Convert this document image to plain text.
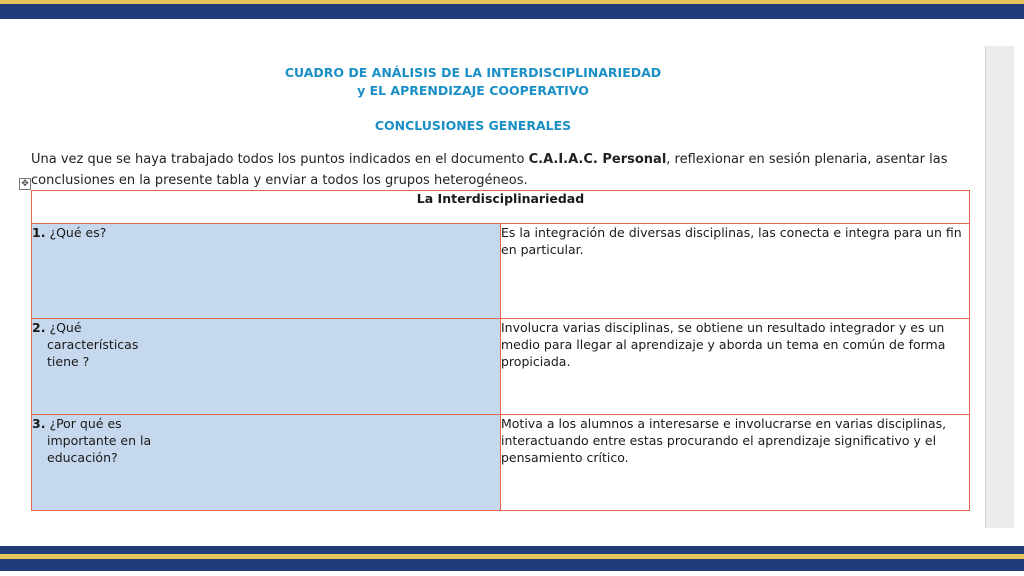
CUADRO DE ANÁLISIS DE LA INTERDISCIPLINARIEDAD
y EL APRENDIZAJE COOPERATIVO
CONCLUSIONES GENERALES
Una vez que se haya trabajado todos los puntos indicados en el documento C.A.I.A.C. Personal, reflexionar en sesión plenaria, asentar las conclusiones en la presente tabla y enviar a todos los grupos heterogéneos.
✥
La Interdisciplinariedad	
1. ¿Qué es?	Es la integración de diversas disciplinas, las conecta e integra para un fin en particular.
2. ¿Qué
características
tiene ?	Involucra varias disciplinas, se obtiene un resultado integrador y es un medio para llegar al aprendizaje y aborda un tema en común de forma propiciada.
3. ¿Por qué es
importante en la
educación?	Motiva a los alumnos a interesarse e involucrarse en varias disciplinas, interactuando entre estas procurando el aprendizaje significativo y el pensamiento crítico.
